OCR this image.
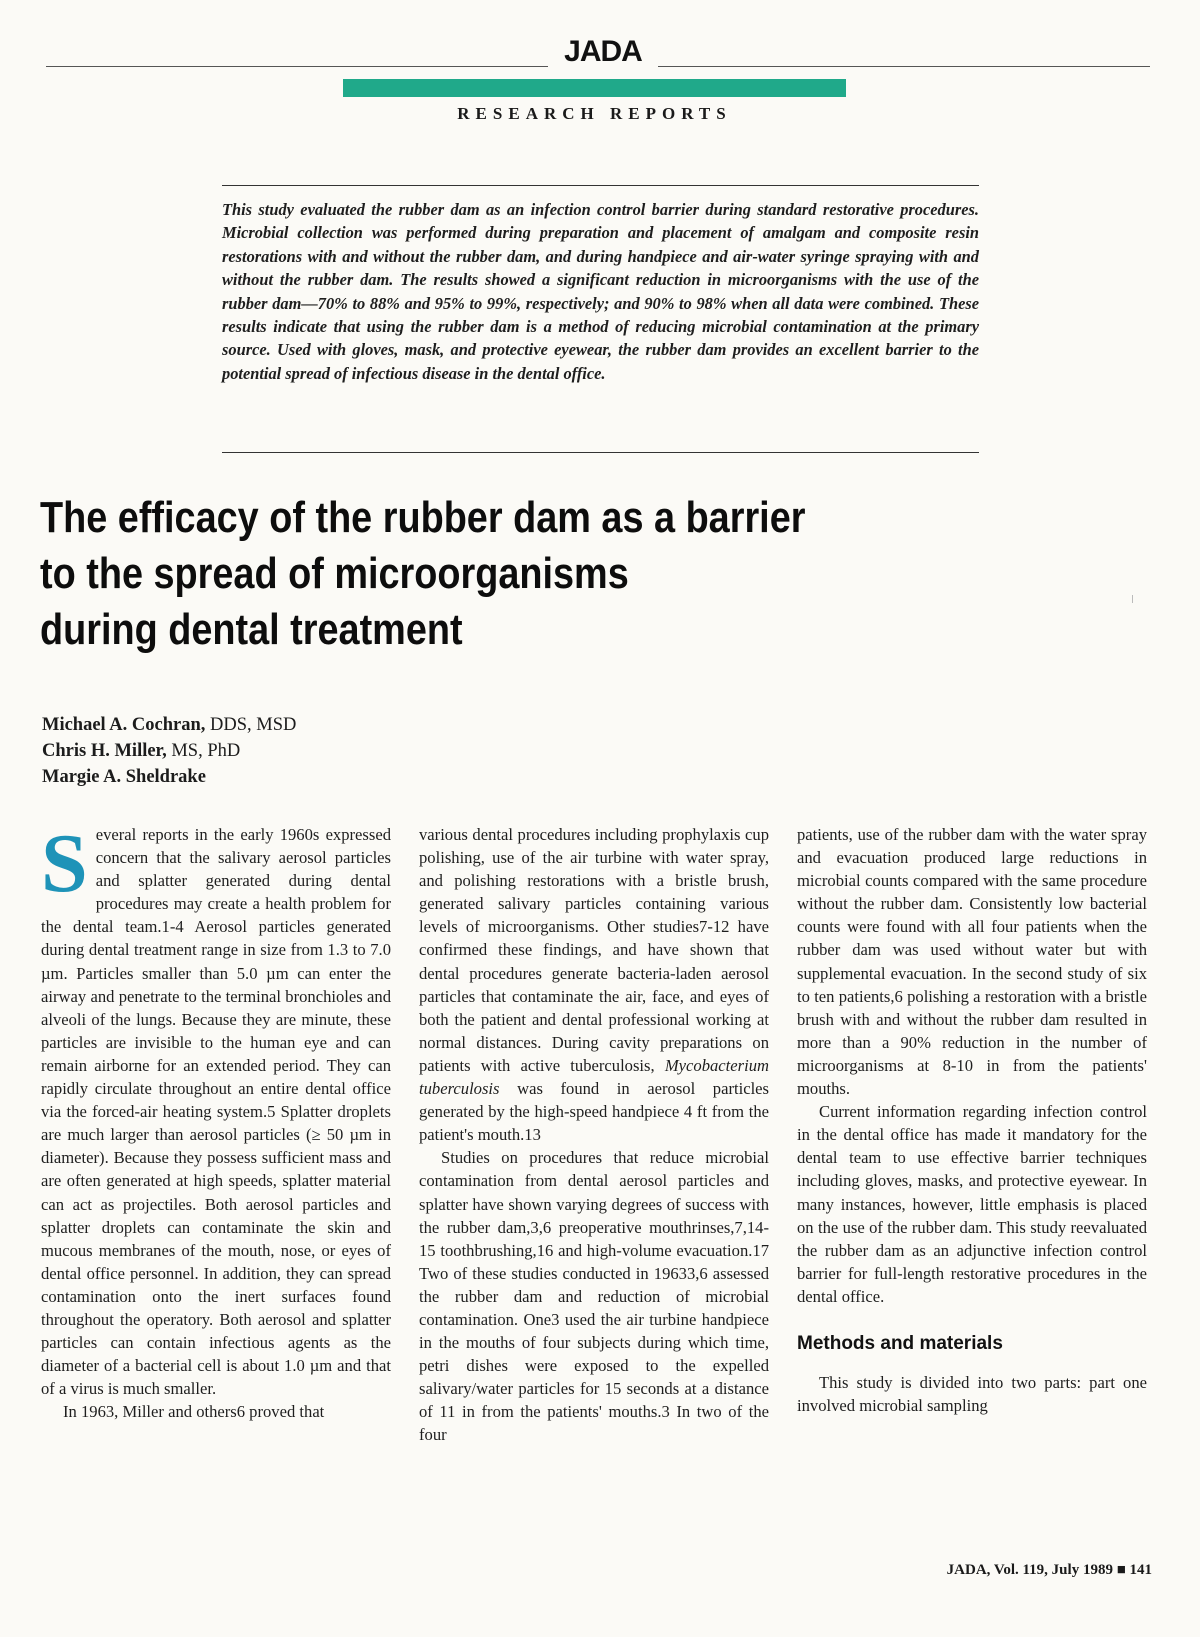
JADA
RESEARCH REPORTS
This study evaluated the rubber dam as an infection control barrier during standard restorative procedures. Microbial collection was performed during preparation and placement of amalgam and composite resin restorations with and without the rubber dam, and during handpiece and air-water syringe spraying with and without the rubber dam. The results showed a significant reduction in microorganisms with the use of the rubber dam—70% to 88% and 95% to 99%, respectively; and 90% to 98% when all data were combined. These results indicate that using the rubber dam is a method of reducing microbial contamination at the primary source. Used with gloves, mask, and protective eyewear, the rubber dam provides an excellent barrier to the potential spread of infectious disease in the dental office.
The efficacy of the rubber dam as a barrier
to the spread of microorganisms
during dental treatment
Michael A. Cochran, DDS, MSD
Chris H. Miller, MS, PhD
Margie A. Sheldrake

Several reports in the early 1960s expressed concern that the salivary aerosol particles and splatter generated during dental procedures may create a health problem for the dental team.1-4 Aerosol particles generated during dental treatment range in size from 1.3 to 7.0 µm. Particles smaller than 5.0 µm can enter the airway and penetrate to the terminal bronchioles and alveoli of the lungs. Because they are minute, these particles are invisible to the human eye and can remain airborne for an extended period. They can rapidly circulate throughout an entire dental office via the forced-air heating system.5 Splatter droplets are much larger than aerosol particles (≥ 50 µm in diameter). Because they possess sufficient mass and are often generated at high speeds, splatter material can act as projectiles. Both aerosol particles and splatter droplets can contaminate the skin and mucous membranes of the mouth, nose, or eyes of dental office personnel. In addition, they can spread contamination onto the inert surfaces found throughout the operatory. Both aerosol and splatter particles can contain infectious agents as the diameter of a bacterial cell is about 1.0 µm and that of a virus is much smaller.

In 1963, Miller and others6 proved that

various dental procedures including prophylaxis cup polishing, use of the air turbine with water spray, and polishing restorations with a bristle brush, generated salivary particles containing various levels of microorganisms. Other studies7-12 have confirmed these findings, and have shown that dental procedures generate bacteria-laden aerosol particles that contaminate the air, face, and eyes of both the patient and dental professional working at normal distances. During cavity preparations on patients with active tuberculosis, Mycobacterium tuberculosis was found in aerosol particles generated by the high-speed handpiece 4 ft from the patient's mouth.13

Studies on procedures that reduce microbial contamination from dental aerosol particles and splatter have shown varying degrees of success with the rubber dam,3,6 preoperative mouthrinses,7,14-15 toothbrushing,16 and high-volume evacuation.17 Two of these studies conducted in 19633,6 assessed the rubber dam and reduction of microbial contamination. One3 used the air turbine handpiece in the mouths of four subjects during which time, petri dishes were exposed to the expelled salivary/water particles for 15 seconds at a distance of 11 in from the patients' mouths.3 In two of the four

patients, use of the rubber dam with the water spray and evacuation produced large reductions in microbial counts compared with the same procedure without the rubber dam. Consistently low bacterial counts were found with all four patients when the rubber dam was used without water but with supplemental evacuation. In the second study of six to ten patients,6 polishing a restoration with a bristle brush with and without the rubber dam resulted in more than a 90% reduction in the number of microorganisms at 8-10 in from the patients' mouths.

Current information regarding infection control in the dental office has made it mandatory for the dental team to use effective barrier techniques including gloves, masks, and protective eyewear. In many instances, however, little emphasis is placed on the use of the rubber dam. This study reevaluated the rubber dam as an adjunctive infection control barrier for full-length restorative procedures in the dental office.

Methods and materials

This study is divided into two parts: part one involved microbial sampling

JADA, Vol. 119, July 1989 ■ 141
